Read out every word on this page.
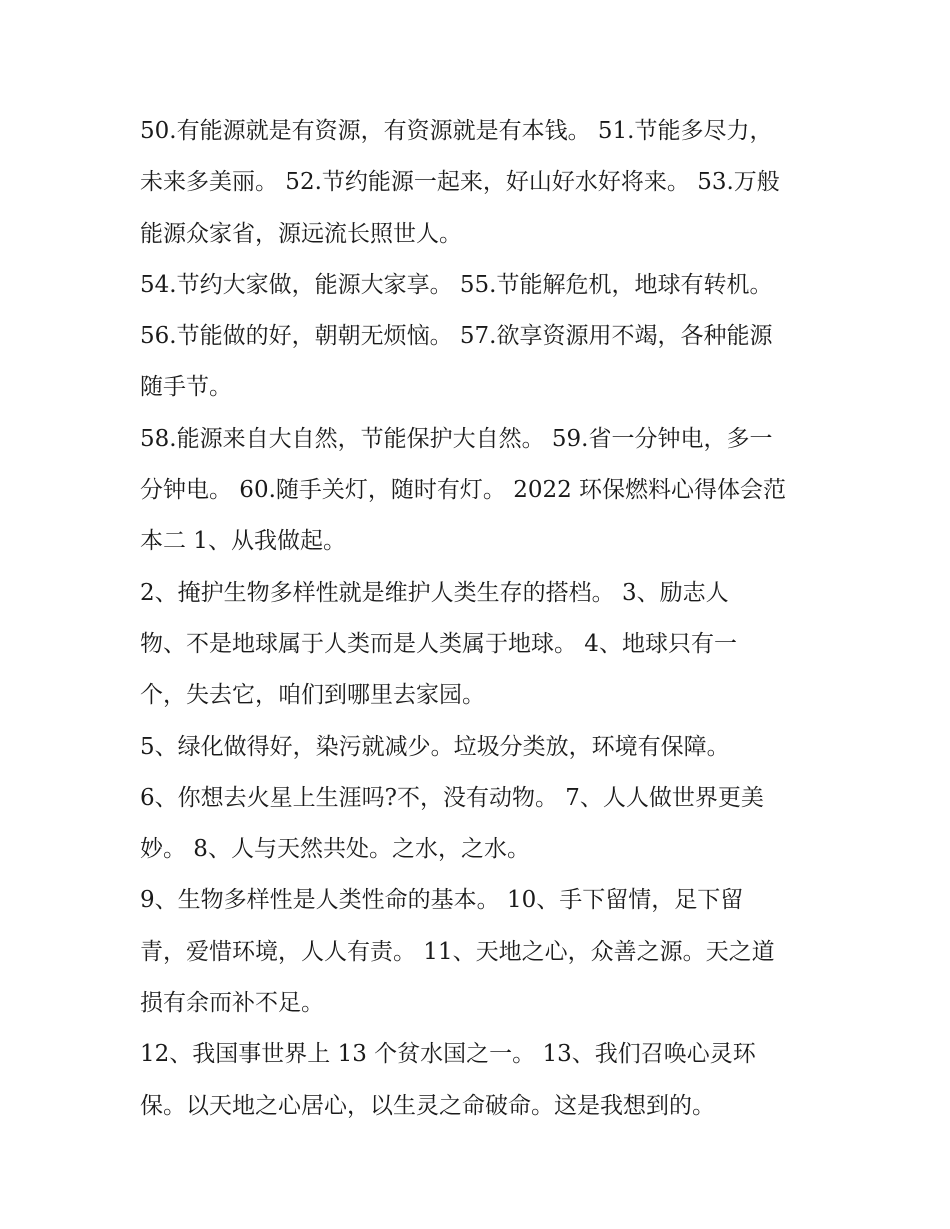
50.有能源就是有资源，有资源就是有本钱。 51.节能多尽力，
未来多美丽。 52.节约能源一起来，好山好水好将来。 53.万般
能源众家省，源远流长照世人。

54.节约大家做，能源大家享。 55.节能解危机，地球有转机。

56.节能做的好，朝朝无烦恼。 57.欲享资源用不竭，各种能源
随手节。

58.能源来自大自然，节能保护大自然。 59.省一分钟电，多一
分钟电。 60.随手关灯，随时有灯。 2022 环保燃料心得体会范
本二 1、从我做起。

2、掩护生物多样性就是维护人类生存的搭档。 3、励志人
物、不是地球属于人类而是人类属于地球。 4、地球只有一
个，失去它，咱们到哪里去家园。

5、绿化做得好，染污就减少。垃圾分类放，环境有保障。

6、你想去火星上生涯吗?不，没有动物。 7、人人做世界更美
妙。 8、人与天然共处。之水，之水。

9、生物多样性是人类性命的基本。 10、手下留情，足下留
青，爱惜环境，人人有责。 11、天地之心，众善之源。天之道
损有余而补不足。

12、我国事世界上 13 个贫水国之一。 13、我们召唤心灵环
保。以天地之心居心，以生灵之命破命。这是我想到的。
